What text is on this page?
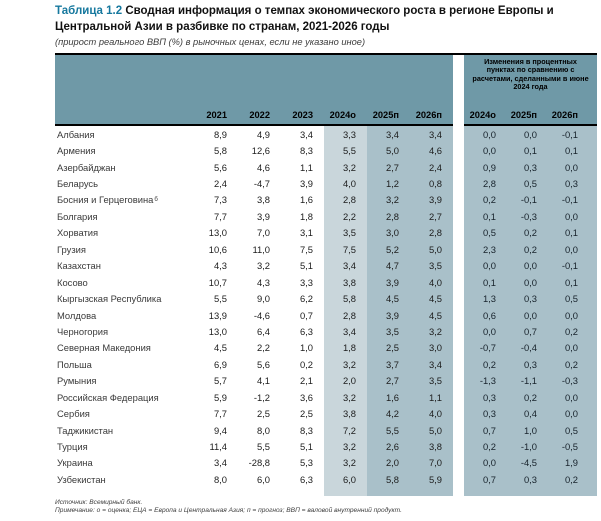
Таблица 1.2 Сводная информация о темпах экономического роста в регионе Европы и Центральной Азии в разбивке по странам, 2021-2026 годы
(прирост реального ВВП (%) в рыночных ценах, если не указано иное)
2021	2022	2023	2024о	2025п	2026п
Изменения в процентных пунктах по сравнению с расчетами, сделанными в июне 2024 года
2024о	2025п	2026п
Албания	8,9	4,9	3,4	3,3	3,4	3,4	0,0	0,0	-0,1
Армения	5,8	12,6	8,3	5,5	5,0	4,6	0,0	0,1	0,1
Азербайджан	5,6	4,6	1,1	3,2	2,7	2,4	0,9	0,3	0,0
Беларусь	2,4	-4,7	3,9	4,0	1,2	0,8	2,8	0,5	0,3
Босния и Герцеговина б	7,3	3,8	1,6	2,8	3,2	3,9	0,2	-0,1	-0,1
Болгария	7,7	3,9	1,8	2,2	2,8	2,7	0,1	-0,3	0,0
Хорватия	13,0	7,0	3,1	3,5	3,0	2,8	0,5	0,2	0,1
Грузия	10,6	11,0	7,5	7,5	5,2	5,0	2,3	0,2	0,0
Казахстан	4,3	3,2	5,1	3,4	4,7	3,5	0,0	0,0	-0,1
Косово	10,7	4,3	3,3	3,8	3,9	4,0	0,1	0,0	0,1
Кыргызская Республика	5,5	9,0	6,2	5,8	4,5	4,5	1,3	0,3	0,5
Молдова	13,9	-4,6	0,7	2,8	3,9	4,5	0,6	0,0	0,0
Черногория	13,0	6,4	6,3	3,4	3,5	3,2	0,0	0,7	0,2
Северная Македония	4,5	2,2	1,0	1,8	2,5	3,0	-0,7	-0,4	0,0
Польша	6,9	5,6	0,2	3,2	3,7	3,4	0,2	0,3	0,2
Румыния	5,7	4,1	2,1	2,0	2,7	3,5	-1,3	-1,1	-0,3
Российская Федерация	5,9	-1,2	3,6	3,2	1,6	1,1	0,3	0,2	0,0
Сербия	7,7	2,5	2,5	3,8	4,2	4,0	0,3	0,4	0,0
Таджикистан	9,4	8,0	8,3	7,2	5,5	5,0	0,7	1,0	0,5
Турция	11,4	5,5	5,1	3,2	2,6	3,8	0,2	-1,0	-0,5
Украина	3,4	-28,8	5,3	3,2	2,0	7,0	0,0	-4,5	1,9
Узбекистан	8,0	6,0	6,3	6,0	5,8	5,9	0,7	0,3	0,2
Источник: Всемирный банк.
Примечание: о = оценка; ЕЦА = Европа и Центральная Азия; п = прогноз; ВВП = валовой внутренний продукт.
